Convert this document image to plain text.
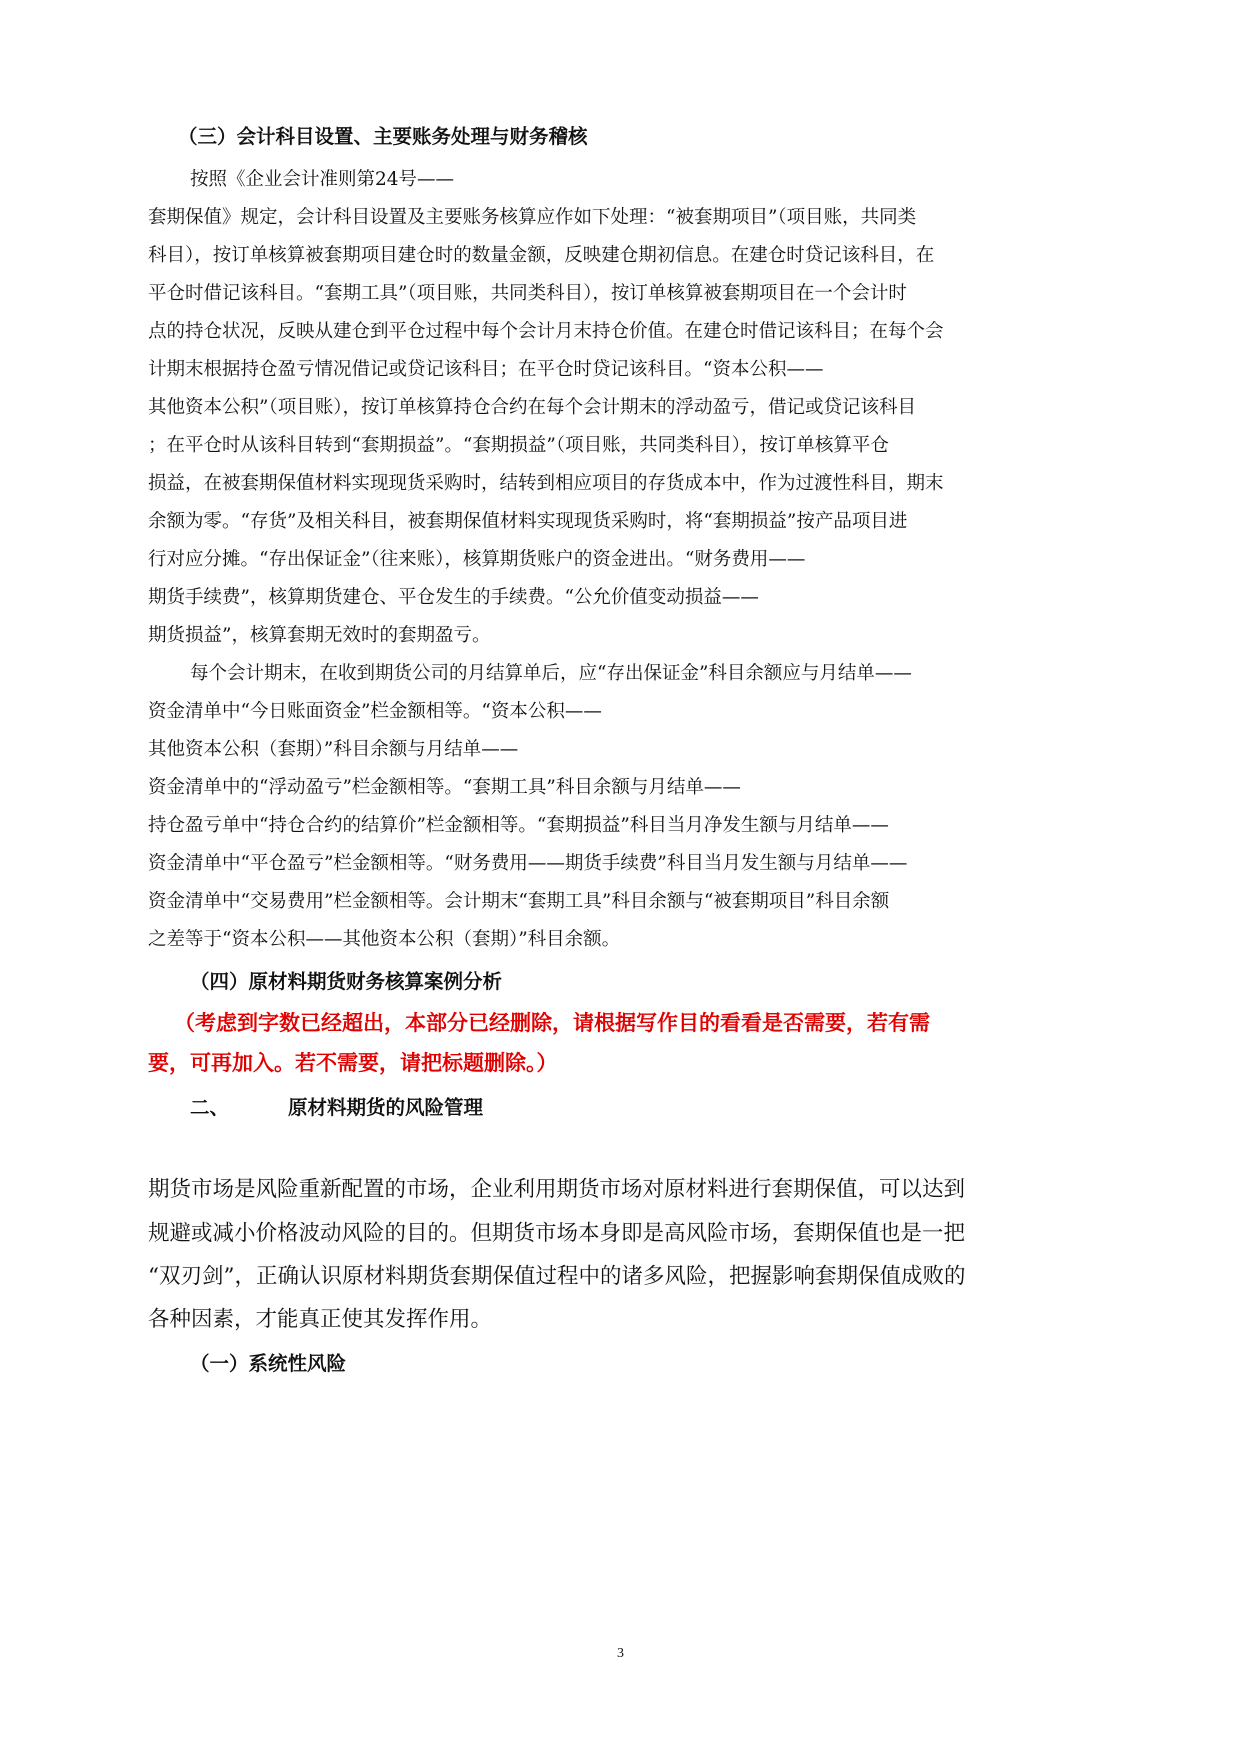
（三）会计科目设置、主要账务处理与财务稽核
按照《企业会计准则第24号——
套期保值》规定，会计科目设置及主要账务核算应作如下处理：“被套期项目”（项目账，共同类
科目），按订单核算被套期项目建仓时的数量金额，反映建仓期初信息。在建仓时贷记该科目，在
平仓时借记该科目。“套期工具”（项目账，共同类科目），按订单核算被套期项目在一个会计时
点的持仓状况，反映从建仓到平仓过程中每个会计月末持仓价值。在建仓时借记该科目；在每个会
计期末根据持仓盈亏情况借记或贷记该科目；在平仓时贷记该科目。“资本公积——
其他资本公积”（项目账），按订单核算持仓合约在每个会计期末的浮动盈亏，借记或贷记该科目
；在平仓时从该科目转到“套期损益”。“套期损益”（项目账，共同类科目），按订单核算平仓
损益，在被套期保值材料实现现货采购时，结转到相应项目的存货成本中，作为过渡性科目，期末
余额为零。“存货”及相关科目，被套期保值材料实现现货采购时，将“套期损益”按产品项目进
行对应分摊。“存出保证金”（往来账），核算期货账户的资金进出。“财务费用——
期货手续费”，核算期货建仓、平仓发生的手续费。“公允价值变动损益——
期货损益”，核算套期无效时的套期盈亏。
每个会计期末，在收到期货公司的月结算单后，应“存出保证金”科目余额应与月结单——
资金清单中“今日账面资金”栏金额相等。“资本公积——
其他资本公积（套期）”科目余额与月结单——
资金清单中的“浮动盈亏”栏金额相等。“套期工具”科目余额与月结单——
持仓盈亏单中“持仓合约的结算价”栏金额相等。“套期损益”科目当月净发生额与月结单——
资金清单中“平仓盈亏”栏金额相等。“财务费用——期货手续费”科目当月发生额与月结单——
资金清单中“交易费用”栏金额相等。会计期末“套期工具”科目余额与“被套期项目”科目余额
之差等于“资本公积——其他资本公积（套期）”科目余额。
（四）原材料期货财务核算案例分析
（考虑到字数已经超出，本部分已经删除，请根据写作目的看看是否需要，若有需
要，可再加入。若不需要，请把标题删除。）
二、	原材料期货的风险管理
期货市场是风险重新配置的市场，企业利用期货市场对原材料进行套期保值，可以达到
规避或减小价格波动风险的目的。但期货市场本身即是高风险市场，套期保值也是一把
“双刃剑”，正确认识原材料期货套期保值过程中的诸多风险，把握影响套期保值成败的
各种因素，才能真正使其发挥作用。
（一）系统性风险
3
